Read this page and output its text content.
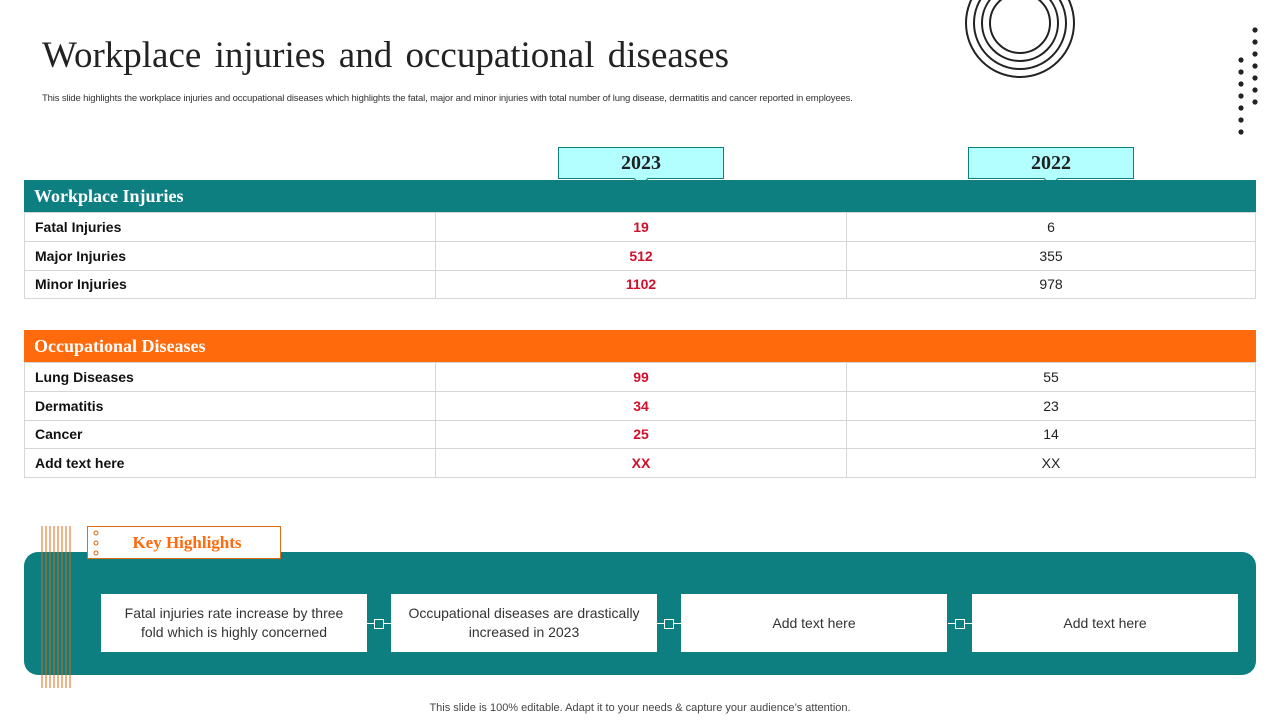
Workplace injuries and occupational diseases
This slide highlights the workplace injuries and occupational diseases which highlights the fatal, major and minor injuries with total number of lung disease, dermatitis and cancer reported in employees.
2023	2022
Workplace Injuries
Fatal Injuries	19	6
Major Injuries	512	355
Minor Injuries	1102	978
Occupational Diseases
Lung Diseases	99	55
Dermatitis	34	23
Cancer	25	14
Add text here	XX	XX
Key Highlights
Fatal injuries rate increase by three fold which is highly concerned
Occupational diseases are drastically increased in 2023
Add text here	Add text here
This slide is 100% editable. Adapt it to your needs & capture your audience’s attention.
